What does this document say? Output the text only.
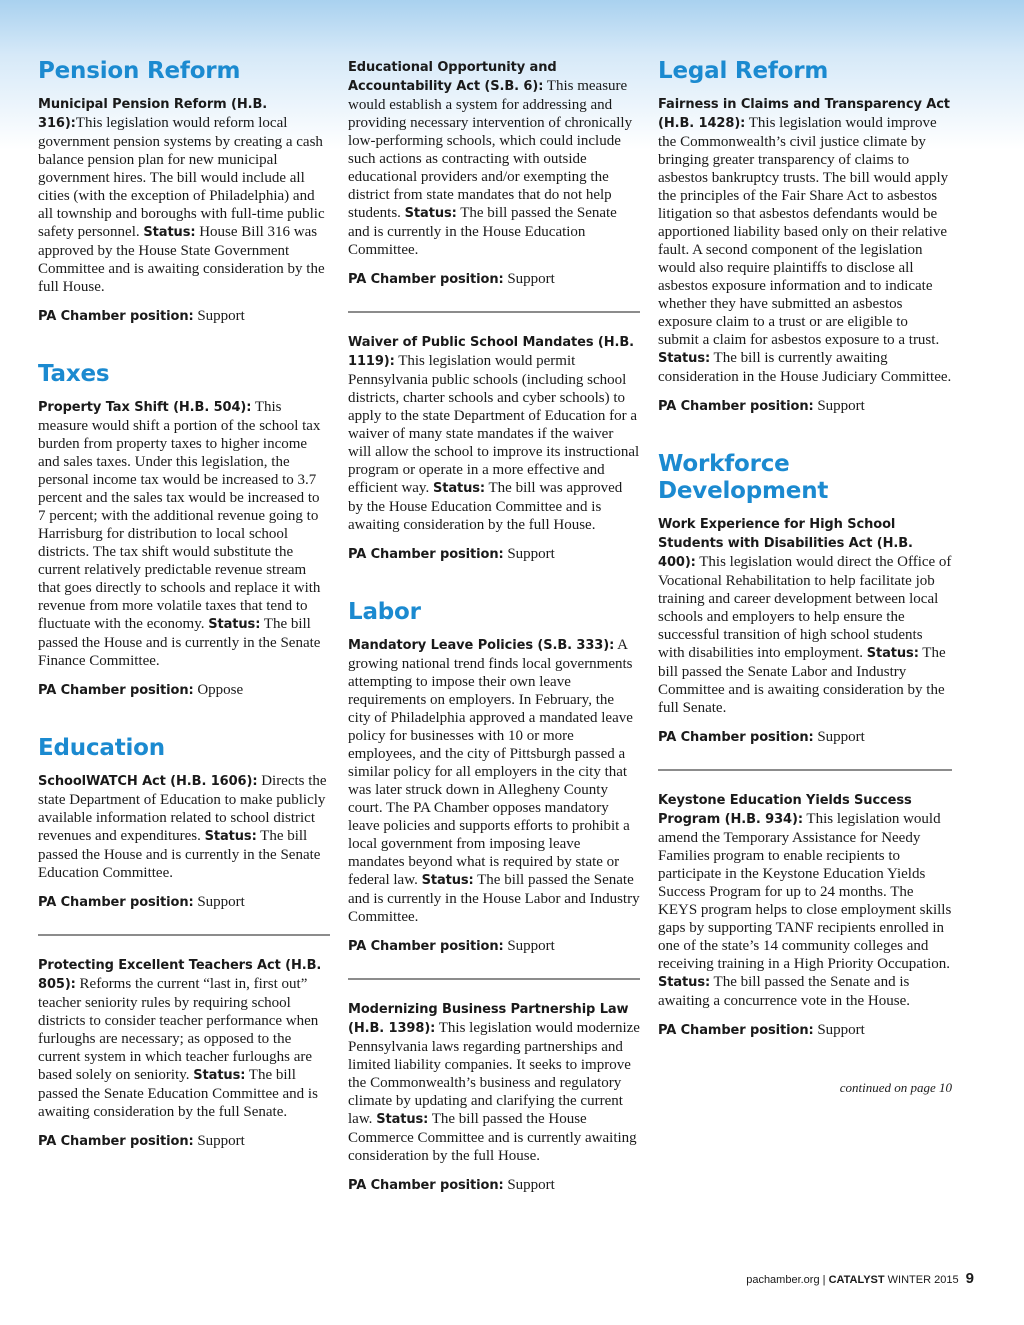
Pension Reform

Municipal Pension Reform (H.B. 316):This legislation would reform local government pension systems by creating a cash balance pension plan for new municipal government hires. The bill would include all cities (with the exception of Philadelphia) and all township and boroughs with full-time public safety personnel. Status: House Bill 316 was approved by the House State Government Committee and is awaiting consideration by the full House.

PA Chamber position: Support

Taxes

Property Tax Shift (H.B. 504): This measure would shift a portion of the school tax burden from property taxes to higher income and sales taxes. Under this legislation, the personal income tax would be increased to 3.7 percent and the sales tax would be increased to 7 percent; with the additional revenue going to Harrisburg for distribution to local school districts. The tax shift would substitute the current relatively predictable revenue stream that goes directly to schools and replace it with revenue from more volatile taxes that tend to fluctuate with the economy. Status: The bill passed the House and is currently in the Senate Finance Committee.

PA Chamber position: Oppose

Education

SchoolWATCH Act (H.B. 1606): Directs the state Department of Education to make publicly available information related to school district revenues and expenditures. Status: The bill passed the House and is currently in the Senate Education Committee.

PA Chamber position: Support

Protecting Excellent Teachers Act (H.B. 805): Reforms the current “last in, first out” teacher seniority rules by requiring school districts to consider teacher performance when furloughs are necessary; as opposed to the current system in which teacher furloughs are based solely on seniority. Status: The bill passed the Senate Education Committee and is awaiting consideration by the full Senate.

PA Chamber position: Support

Educational Opportunity and Accountability Act (S.B. 6): This measure would establish a system for addressing and providing necessary intervention of chronically low-performing schools, which could include such actions as contracting with outside educational providers and/or exempting the district from state mandates that do not help students. Status: The bill passed the Senate and is currently in the House Education Committee.

PA Chamber position: Support

Waiver of Public School Mandates (H.B. 1119): This legislation would permit Pennsylvania public schools (including school districts, charter schools and cyber schools) to apply to the state Department of Education for a waiver of many state mandates if the waiver will allow the school to improve its instructional program or operate in a more effective and efficient way. Status: The bill was approved by the House Education Committee and is awaiting consideration by the full House.

PA Chamber position: Support

Labor

Mandatory Leave Policies (S.B. 333): A growing national trend finds local governments attempting to impose their own leave requirements on employers. In February, the city of Philadelphia approved a mandated leave policy for businesses with 10 or more employees, and the city of Pittsburgh passed a similar policy for all employers in the city that was later struck down in Allegheny County court. The PA Chamber opposes mandatory leave policies and supports efforts to prohibit a local government from imposing leave mandates beyond what is required by state or federal law. Status: The bill passed the Senate and is currently in the House Labor and Industry Committee.

PA Chamber position: Support

Modernizing Business Partnership Law (H.B. 1398): This legislation would modernize Pennsylvania laws regarding partnerships and limited liability companies. It seeks to improve the Commonwealth’s business and regulatory climate by updating and clarifying the current law. Status: The bill passed the House Commerce Committee and is currently awaiting consideration by the full House.

PA Chamber position: Support

Legal Reform

Fairness in Claims and Transparency Act (H.B. 1428): This legislation would improve the Commonwealth’s civil justice climate by bringing greater transparency of claims to asbestos bankruptcy trusts. The bill would apply the principles of the Fair Share Act to asbestos litigation so that asbestos defendants would be apportioned liability based only on their relative fault. A second component of the legislation would also require plaintiffs to disclose all asbestos exposure information and to indicate whether they have submitted an asbestos exposure claim to a trust or are eligible to submit a claim for asbestos exposure to a trust. Status: The bill is currently awaiting consideration in the House Judiciary Committee.

PA Chamber position: Support

Workforce Development

Work Experience for High School Students with Disabilities Act (H.B. 400): This legislation would direct the Office of Vocational Rehabilitation to help facilitate job training and career development between local schools and employers to help ensure the successful transition of high school students with disabilities into employment. Status: The bill passed the Senate Labor and Industry Committee and is awaiting consideration by the full Senate.

PA Chamber position: Support

Keystone Education Yields Success Program (H.B. 934): This legislation would amend the Temporary Assistance for Needy Families program to enable recipients to participate in the Keystone Education Yields Success Program for up to 24 months. The KEYS program helps to close employment skills gaps by supporting TANF recipients enrolled in one of the state’s 14 community colleges and receiving training in a High Priority Occupation. Status: The bill passed the Senate and is awaiting a concurrence vote in the House.

PA Chamber position: Support

continued on page 10
pachamber.org | CATALYST WINTER 2015 9
